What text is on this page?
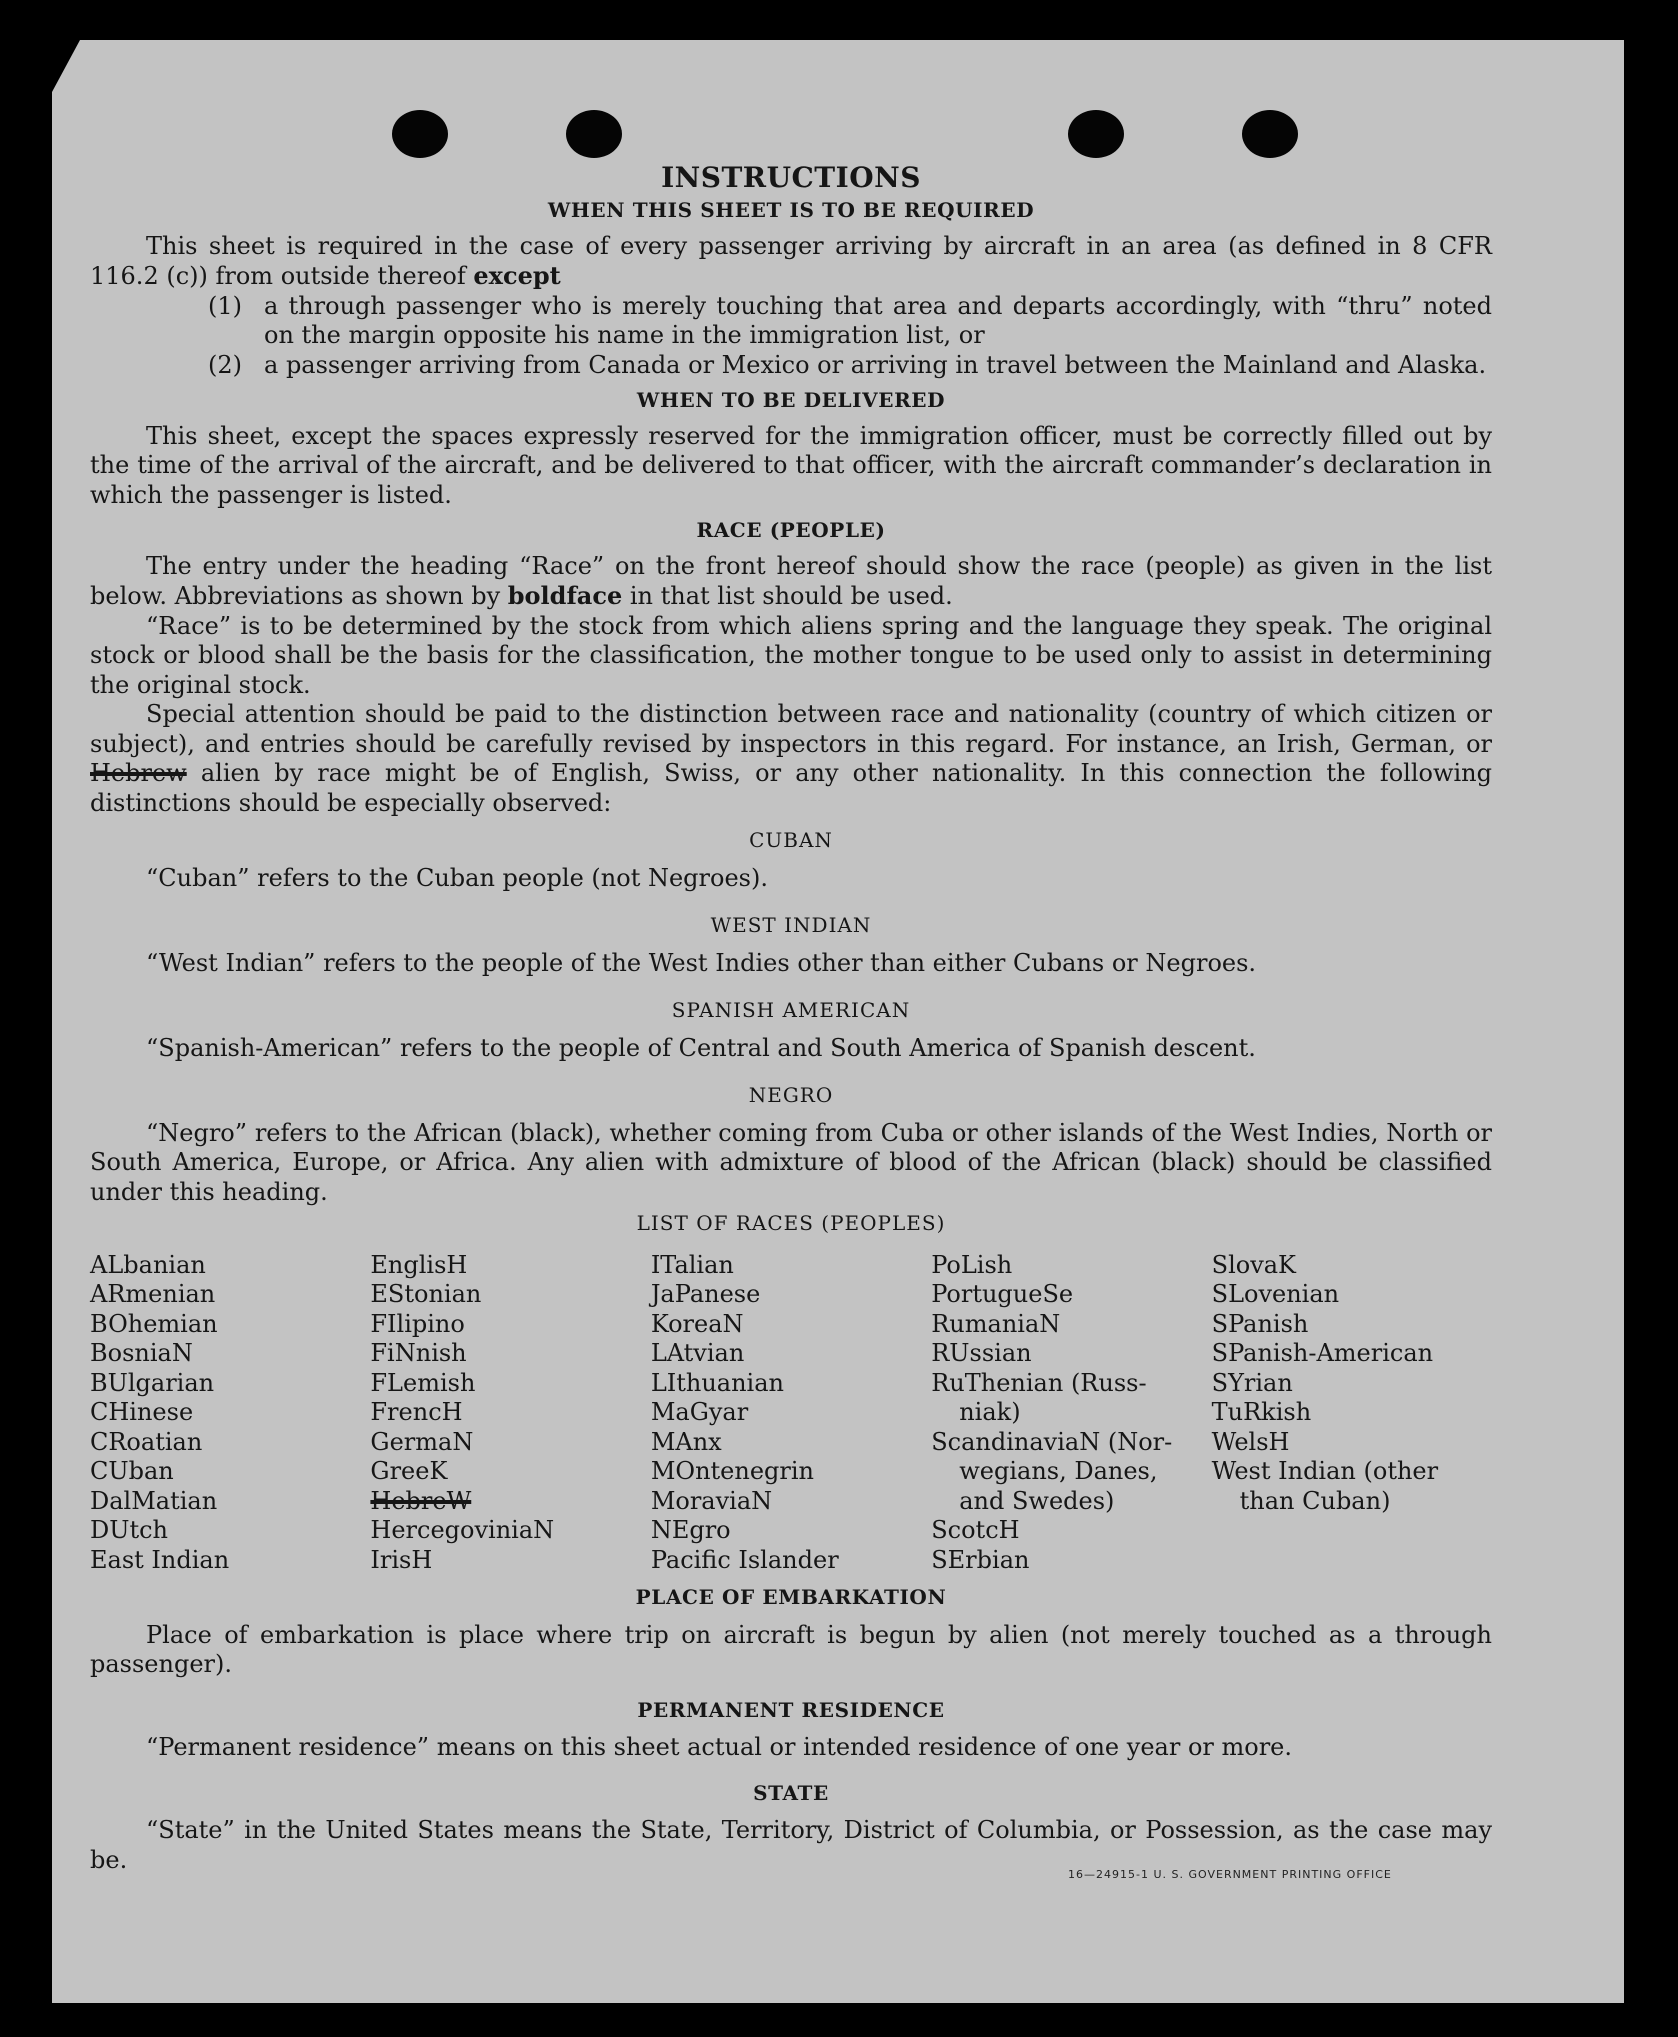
INSTRUCTIONS
WHEN THIS SHEET IS TO BE REQUIRED

This sheet is required in the case of every passenger arriving by aircraft in an area (as defined in 8 CFR

116.2 (c)) from outside thereof except
(1) a through passenger who is merely touching that area and departs accordingly, with “thru” noted on the margin opposite his name in the immigration list, or
(2) a passenger arriving from Canada or Mexico or arriving in travel between the Mainland and Alaska.
WHEN TO BE DELIVERED

This sheet, except the spaces expressly reserved for the immigration officer, must be correctly filled out by the time of the arrival of the aircraft, and be delivered to that officer, with the aircraft commander’s declaration in which the passenger is listed.

RACE (PEOPLE)

The entry under the heading “Race” on the front hereof should show the race (people) as given in the list below. Abbreviations as shown by boldface in that list should be used.

“Race” is to be determined by the stock from which aliens spring and the language they speak. The original stock or blood shall be the basis for the classification, the mother tongue to be used only to assist in determining the original stock.

Special attention should be paid to the distinction between race and nationality (country of which citizen or subject), and entries should be carefully revised by inspectors in this regard. For instance, an Irish, German, or Hebrew alien by race might be of English, Swiss, or any other nationality. In this connection the following distinctions should be especially observed:

CUBAN

“Cuban” refers to the Cuban people (not Negroes).

WEST INDIAN

“West Indian” refers to the people of the West Indies other than either Cubans or Negroes.

SPANISH AMERICAN

“Spanish-American” refers to the people of Central and South America of Spanish descent.

NEGRO

“Negro” refers to the African (black), whether coming from Cuba or other islands of the West Indies, North or South America, Europe, or Africa. Any alien with admixture of blood of the African (black) should be classified under this heading.

LIST OF RACES (PEOPLES)
ALbanian
ARmenian
BOhemian
BosniaN
BUlgarian
CHinese
CRoatian
CUban
DalMatian
DUtch
East Indian
EnglisH
EStonian
FIlipino
FiNnish
FLemish
FrencH
GermaN
GreeK
HebreW
HercegoviniaN
IrisH
ITalian
JaPanese
KoreaN
LAtvian
LIthuanian
MaGyar
MAnx
MOntenegrin
MoraviaN
NEgro
Pacific Islander
PoLish
PortugueSe
RumaniaN
RUssian
RuThenian (Russ-
niak)
ScandinaviaN (Nor-
wegians, Danes,
and Swedes)
ScotcH
SErbian
SlovaK
SLovenian
SPanish
SPanish-American
SYrian
TuRkish
WelsH
West Indian (other
than Cuban)
PLACE OF EMBARKATION

Place of embarkation is place where trip on aircraft is begun by alien (not merely touched as a through passenger).

PERMANENT RESIDENCE

“Permanent residence” means on this sheet actual or intended residence of one year or more.

STATE

“State” in the United States means the State, Territory, District of Columbia, or Possession, as the case may be.

16—24915-1 U. S. GOVERNMENT PRINTING OFFICE
